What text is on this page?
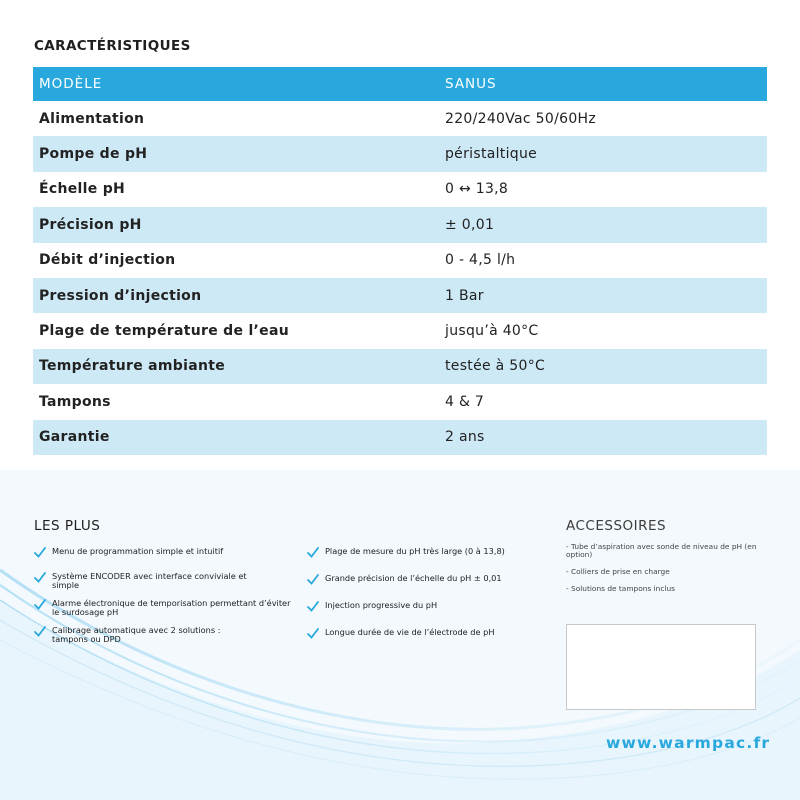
CARACTÉRISTIQUES
MODÈLE	SANUS
Alimentation	220/240Vac 50/60Hz
Pompe de pH	péristaltique
Échelle pH	0 ↔ 13,8
Précision pH	± 0,01
Débit d’injection	0 - 4,5 l/h
Pression d’injection	1 Bar
Plage de température de l’eau	jusqu’à 40°C
Température ambiante	testée à 50°C
Tampons	4 & 7
Garantie	2 ans
LES PLUS
Menu de programmation simple et intuitif
Système ENCODER avec interface conviviale et simple
Alarme électronique de temporisation permettant d’éviter le surdosage pH
Calibrage automatique avec 2 solutions : tampons ou DPD
Plage de mesure du pH très large (0 à 13,8)
Grande précision de l’échelle du pH ± 0,01
Injection progressive du pH
Longue durée de vie de l’électrode de pH
ACCESSOIRES
- Tube d’aspiration avec sonde de niveau de pH (en option)
- Colliers de prise en charge
- Solutions de tampons inclus
www.warmpac.fr
